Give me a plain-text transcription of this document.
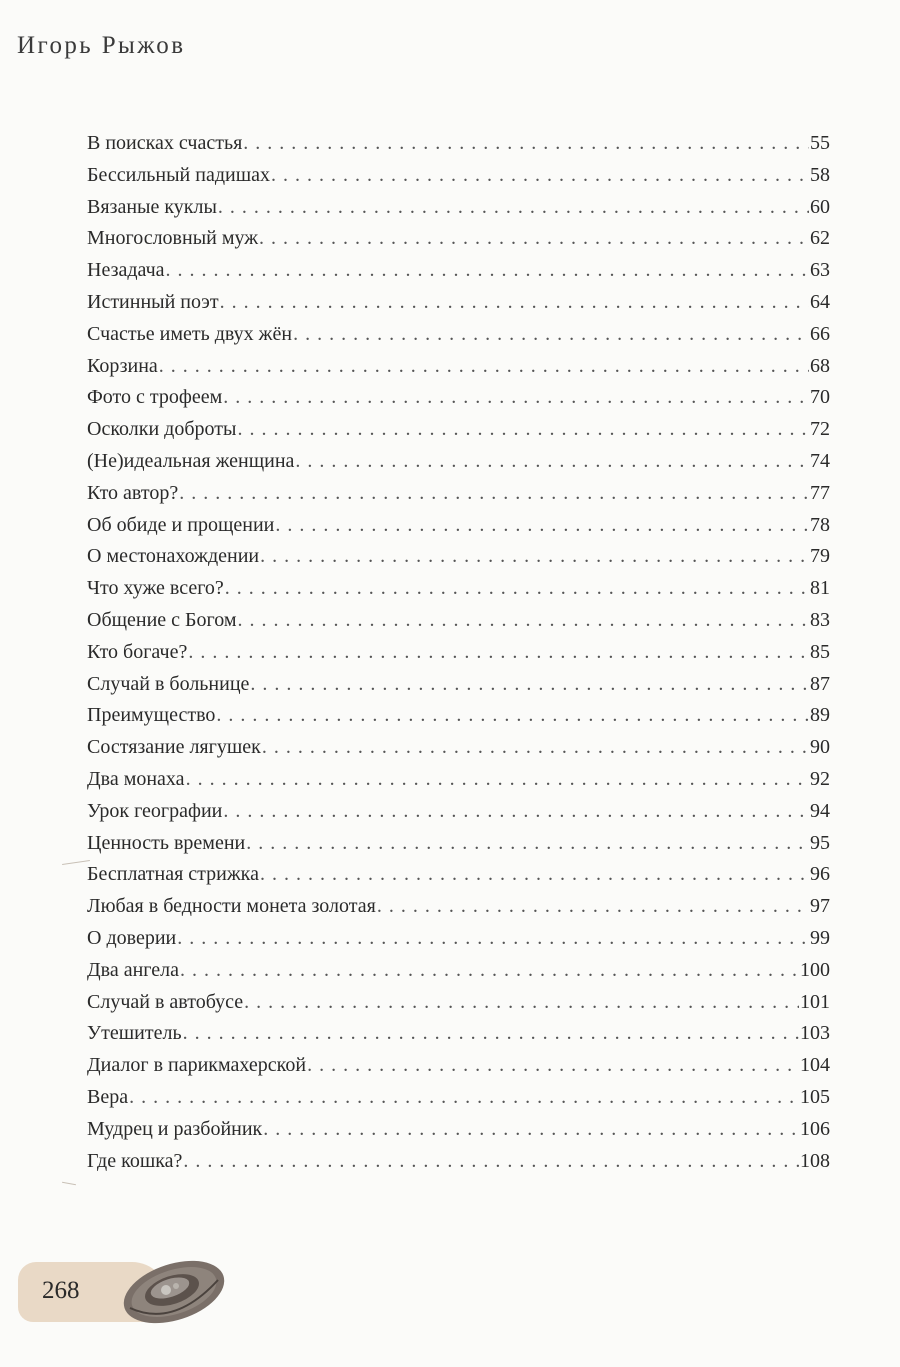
Игорь Рыжов
В поисках счастья . . .	55
Бессильный падишах . . .	58
Вязаные куклы . . .	60
Многословный муж . . .	62
Незадача . . .	63
Истинный поэт . . .	64
Счастье иметь двух жён . . .	66
Корзина . . .	68
Фото с трофеем . . .	70
Осколки доброты . . .	72
(Не)идеальная женщина . . .	74
Кто автор? . . .	77
Об обиде и прощении . . .	78
О местонахождении . . .	79
Что хуже всего? . . .	81
Общение с Богом . . .	83
Кто богаче? . . .	85
Случай в больнице . . .	87
Преимущество . . .	89
Состязание лягушек . . .	90
Два монаха . . .	92
Урок географии . . .	94
Ценность времени . . .	95
Бесплатная стрижка . . .	96
Любая в бедности монета золотая . . .	97
О доверии . . .	99
Два ангела . . .	100
Случай в автобусе . . .	101
Утешитель . . .	103
Диалог в парикмахерской . . .	104
Вера . . .	105
Мудрец и разбойник . . .	106
Где кошка? . . .	108
268
